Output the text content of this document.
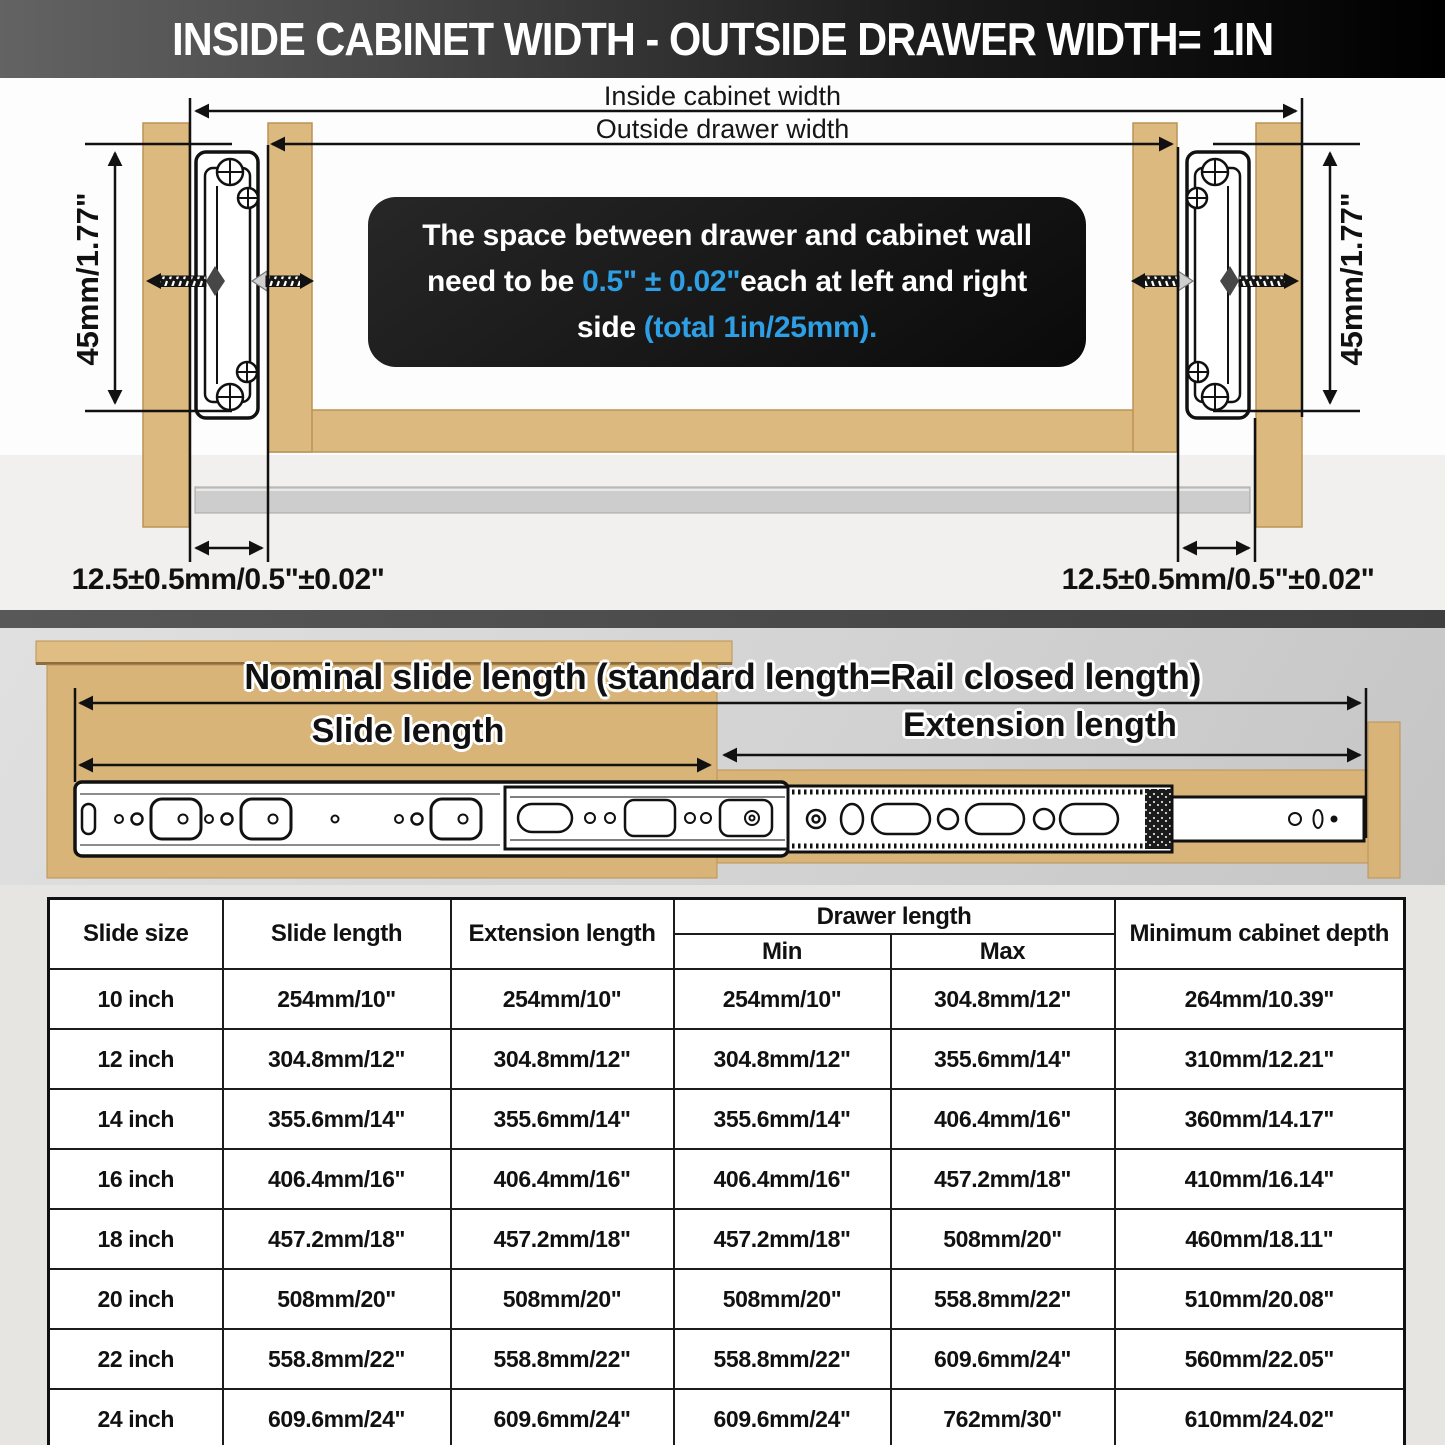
INSIDE CABINET WIDTH - OUTSIDE DRAWER WIDTH= 1IN
Inside cabinet width
Outside drawer width
45mm/1.77"	45mm/1.77"
The space between drawer and cabinet wall
need to be 0.5" ± 0.02"each at left and right
side (total 1in/25mm).
12.5±0.5mm/0.5"±0.02"	12.5±0.5mm/0.5"±0.02"
Nominal slide length (standard length=Rail closed length)
Slide length	Extension length
Slide size	Slide length	Extension length	Drawer length		Minimum cabinet depth
			Min	Max	
10 inch	254mm/10"	254mm/10"	254mm/10"	304.8mm/12"	264mm/10.39"
12 inch	304.8mm/12"	304.8mm/12"	304.8mm/12"	355.6mm/14"	310mm/12.21"
14 inch	355.6mm/14"	355.6mm/14"	355.6mm/14"	406.4mm/16"	360mm/14.17"
16 inch	406.4mm/16"	406.4mm/16"	406.4mm/16"	457.2mm/18"	410mm/16.14"
18 inch	457.2mm/18"	457.2mm/18"	457.2mm/18"	508mm/20"	460mm/18.11"
20 inch	508mm/20"	508mm/20"	508mm/20"	558.8mm/22"	510mm/20.08"
22 inch	558.8mm/22"	558.8mm/22"	558.8mm/22"	609.6mm/24"	560mm/22.05"
24 inch	609.6mm/24"	609.6mm/24"	609.6mm/24"	762mm/30"	610mm/24.02"
